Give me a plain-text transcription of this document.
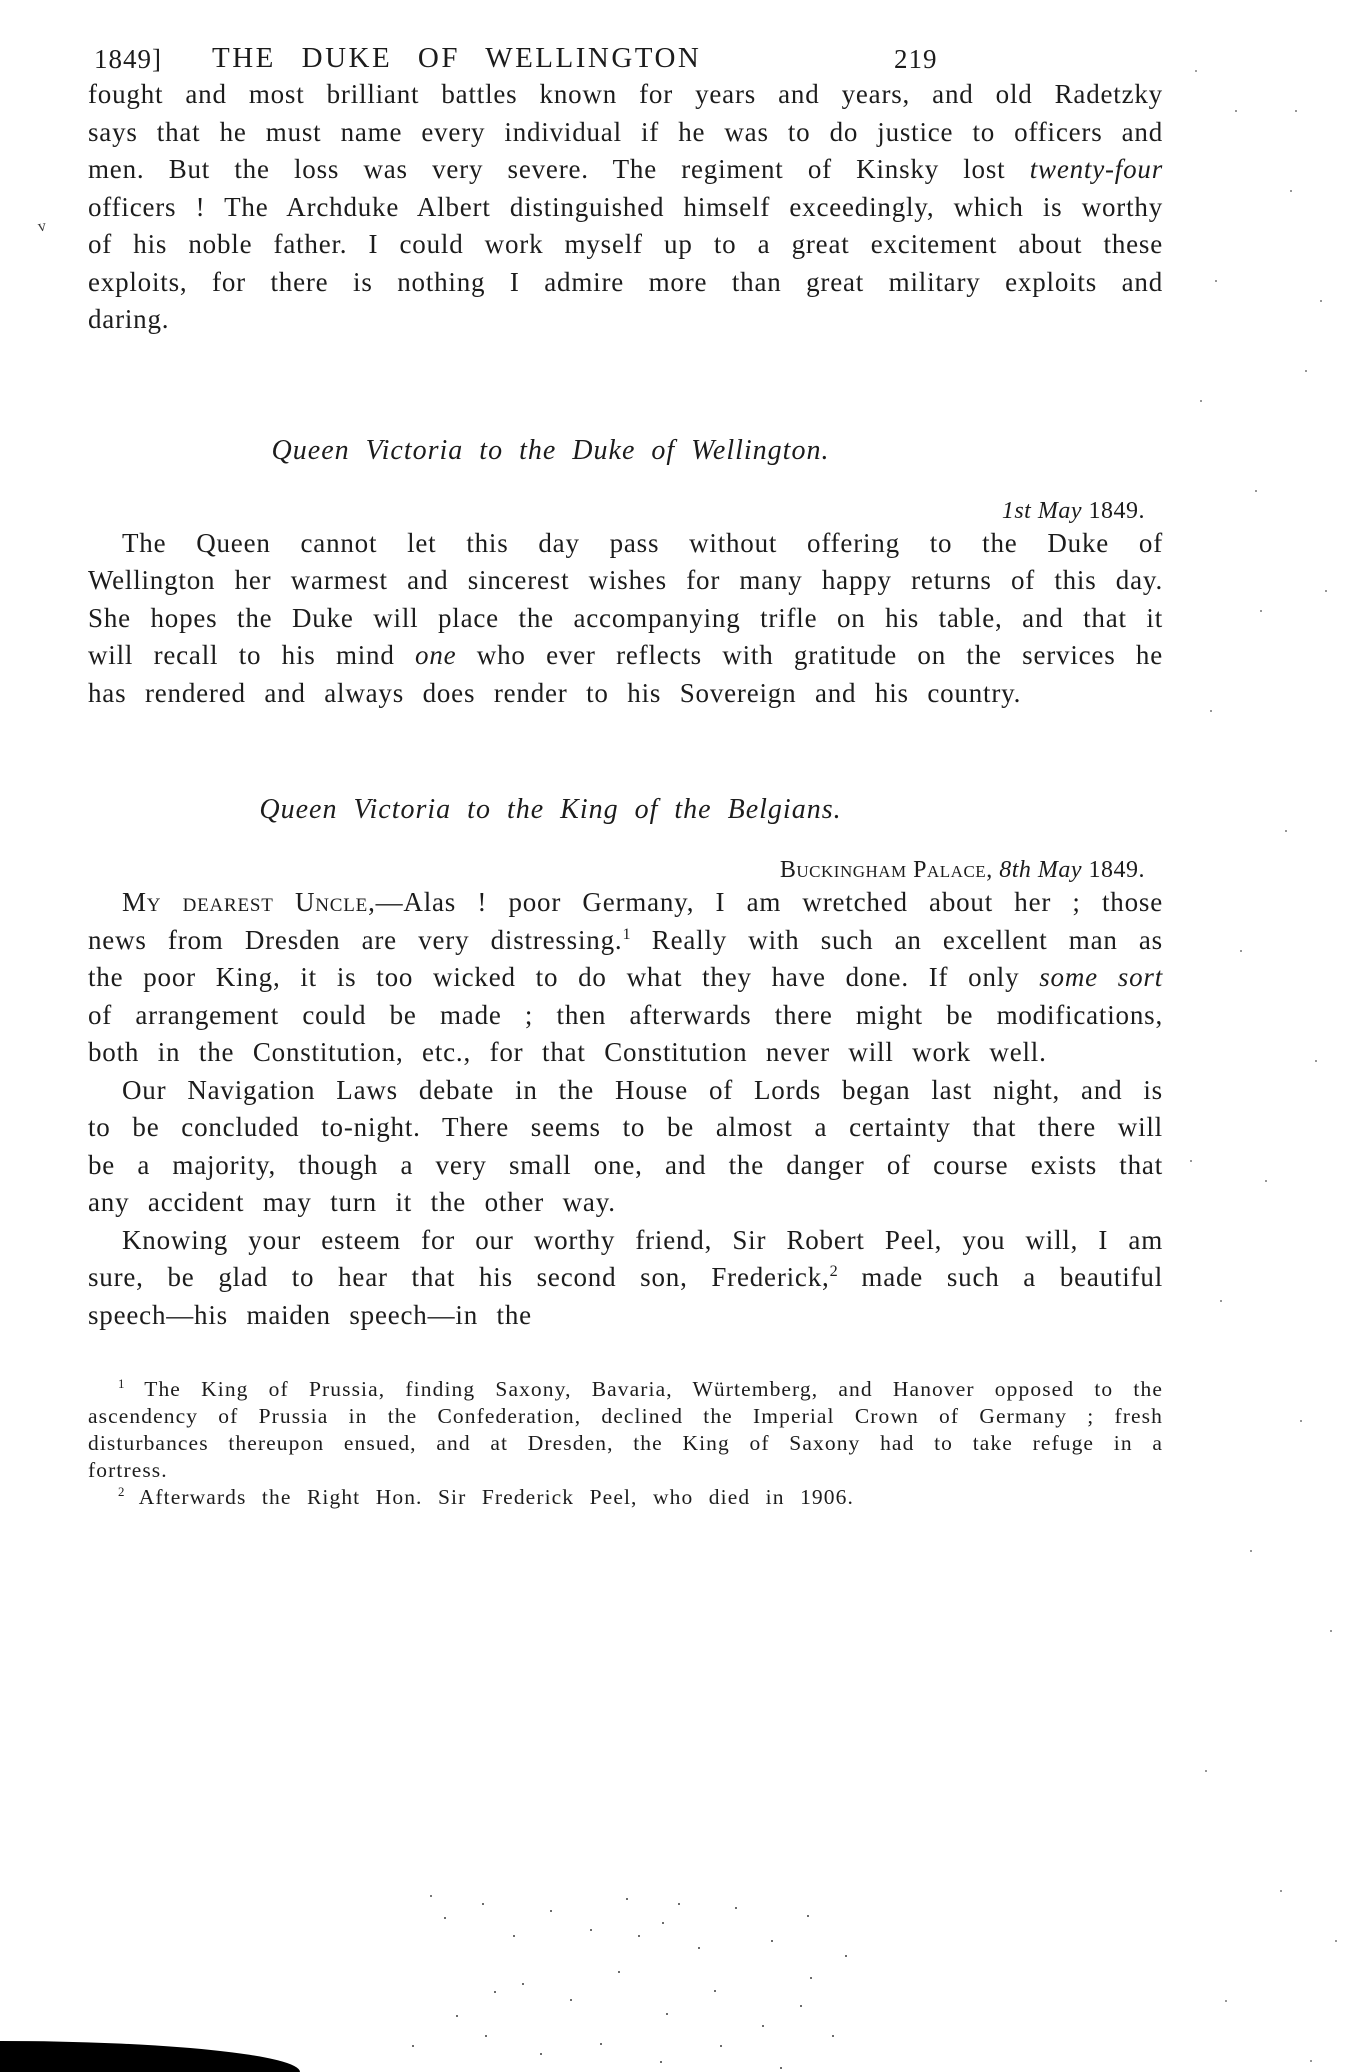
1849] THE DUKE OF WELLINGTON	219

fought and most brilliant battles known for years and years, and old Radetzky says that he must name every individual if he was to do justice to officers and men. But the loss was very severe. The regiment of Kinsky lost twenty-four officers ! The Archduke Albert distinguished himself exceedingly, which is worthy of his noble father. I could work myself up to a great excitement about these exploits, for there is nothing I admire more than great military exploits and daring.

Queen Victoria to the Duke of Wellington.
1st May 1849.

The Queen cannot let this day pass without offering to the Duke of Wellington her warmest and sincerest wishes for many happy returns of this day. She hopes the Duke will place the accompanying trifle on his table, and that it will recall to his mind one who ever reflects with gratitude on the services he has rendered and always does render to his Sovereign and his country.

Queen Victoria to the King of the Belgians.
Buckingham Palace, 8th May 1849.

My dearest Uncle,—Alas ! poor Germany, I am wretched about her ; those news from Dresden are very distressing.$^1$ Really with such an excellent man as the poor King, it is too wicked to do what they have done. If only some sort of arrangement could be made ; then afterwards there might be modifications, both in the Constitution, etc., for that Constitution never will work well.

Our Navigation Laws debate in the House of Lords began last night, and is to be concluded to-night. There seems to be almost a certainty that there will be a majority, though a very small one, and the danger of course exists that any accident may turn it the other way.

Knowing your esteem for our worthy friend, Sir Robert Peel, you will, I am sure, be glad to hear that his second son, Frederick,$^2$ made such a beautiful speech—his maiden speech—in the

$^1$ The King of Prussia, finding Saxony, Bavaria, Würtemberg, and Hanover opposed to the ascendency of Prussia in the Confederation, declined the Imperial Crown of Germany ; fresh disturbances thereupon ensued, and at Dresden, the King of Saxony had to take refuge in a fortress.

$^2$ Afterwards the Right Hon. Sir Frederick Peel, who died in 1906.

v
